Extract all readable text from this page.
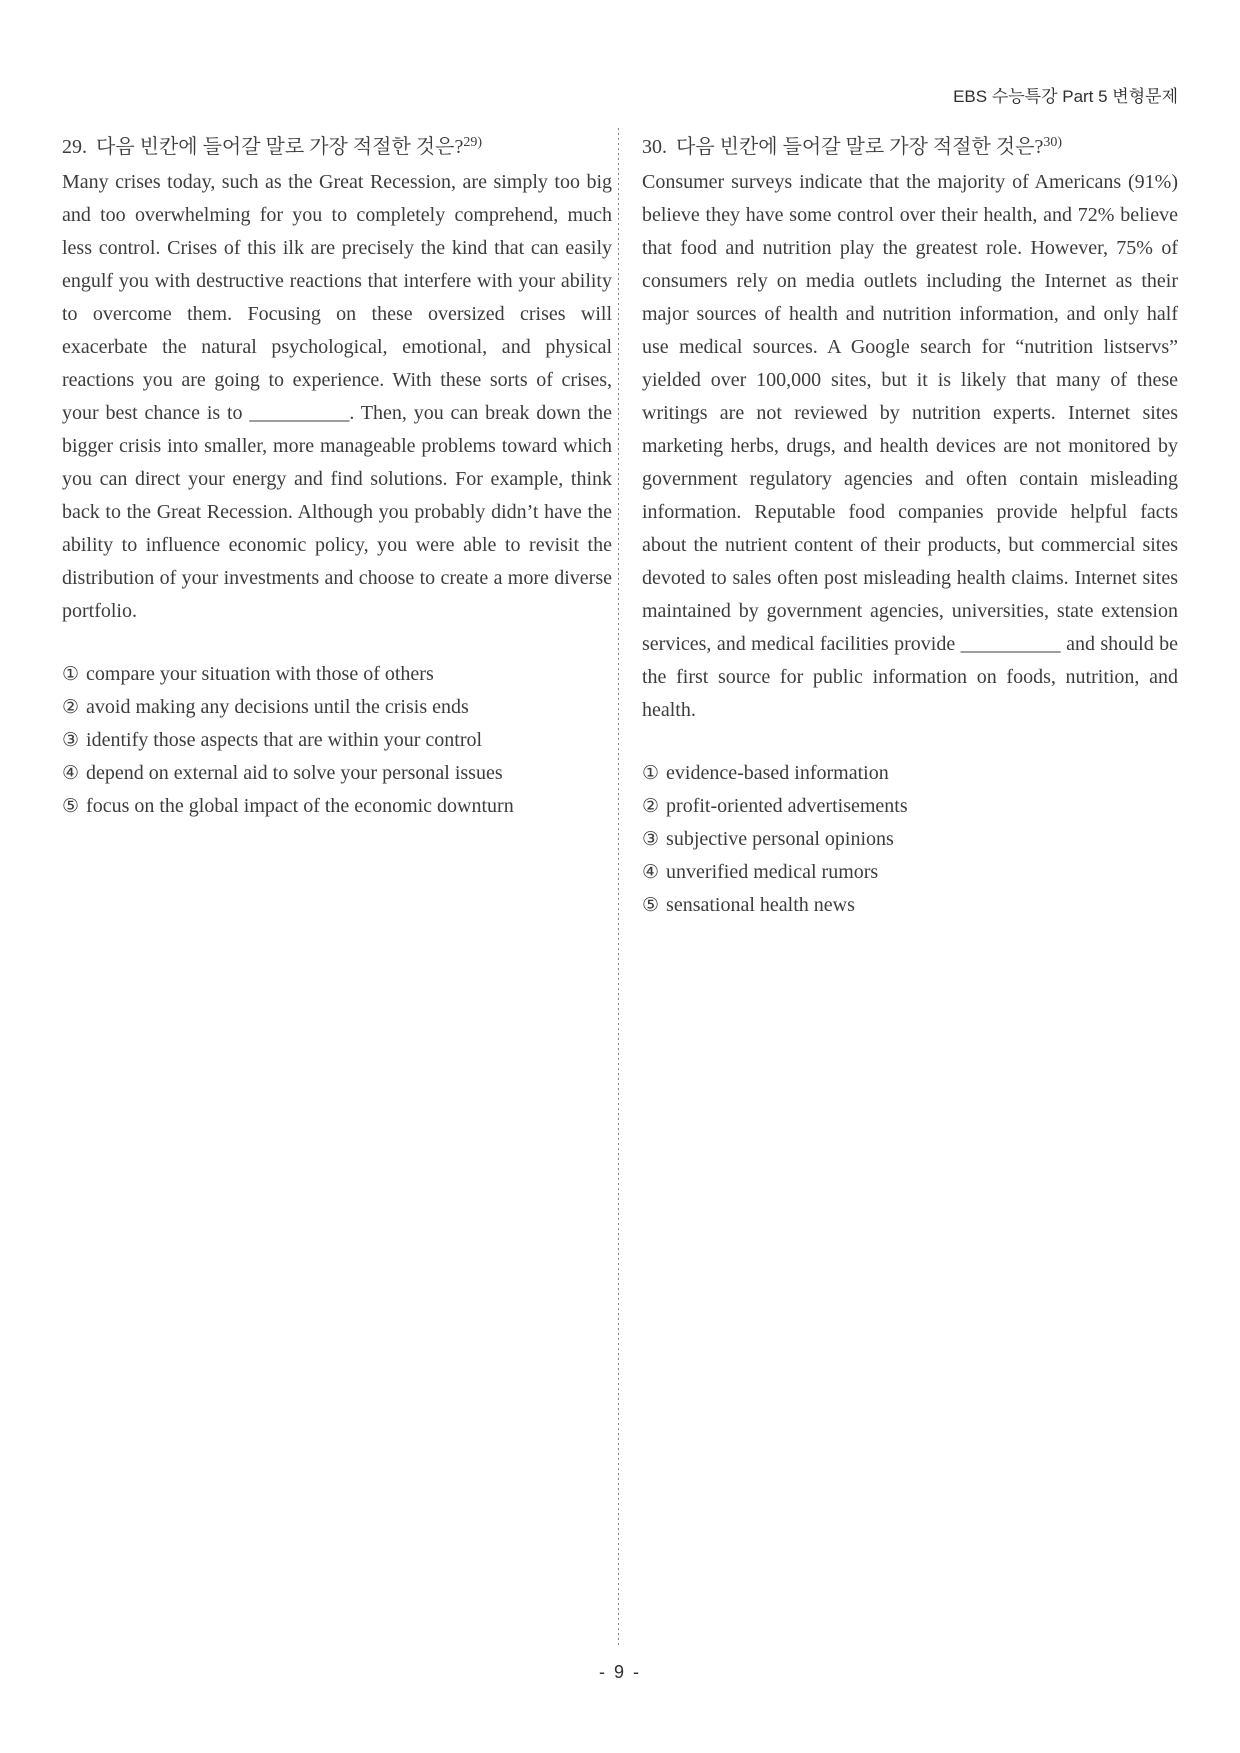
EBS 수능특강 Part 5 변형문제
29. 다음 빈칸에 들어갈 말로 가장 적절한 것은?$^{29)}$

Many crises today, such as the Great Recession, are simply too big and too overwhelming for you to completely comprehend, much less control. Crises of this ilk are precisely the kind that can easily engulf you with destructive reactions that interfere with your ability to overcome them. Focusing on these oversized crises will exacerbate the natural psychological, emotional, and physical reactions you are going to experience. With these sorts of crises, your best chance is to __________. Then, you can break down the bigger crisis into smaller, more manageable problems toward which you can direct your energy and find solutions. For example, think back to the Great Recession. Although you probably didn’t have the ability to influence economic policy, you were able to revisit the distribution of your investments and choose to create a more diverse portfolio.

① compare your situation with those of others
② avoid making any decisions until the crisis ends
③ identify those aspects that are within your control
④ depend on external aid to solve your personal issues
⑤ focus on the global impact of the economic downturn
30. 다음 빈칸에 들어갈 말로 가장 적절한 것은?$^{30)}$

Consumer surveys indicate that the majority of Americans (91%) believe they have some control over their health, and 72% believe that food and nutrition play the greatest role. However, 75% of consumers rely on media outlets including the Internet as their major sources of health and nutrition information, and only half use medical sources. A Google search for “nutrition listservs” yielded over 100,000 sites, but it is likely that many of these writings are not reviewed by nutrition experts. Internet sites marketing herbs, drugs, and health devices are not monitored by government regulatory agencies and often contain misleading information. Reputable food companies provide helpful facts about the nutrient content of their products, but commercial sites devoted to sales often post misleading health claims. Internet sites maintained by government agencies, universities, state extension services, and medical facilities provide __________ and should be the first source for public information on foods, nutrition, and health.

① evidence-based information
② profit-oriented advertisements
③ subjective personal opinions
④ unverified medical rumors
⑤ sensational health news
- 9 -
